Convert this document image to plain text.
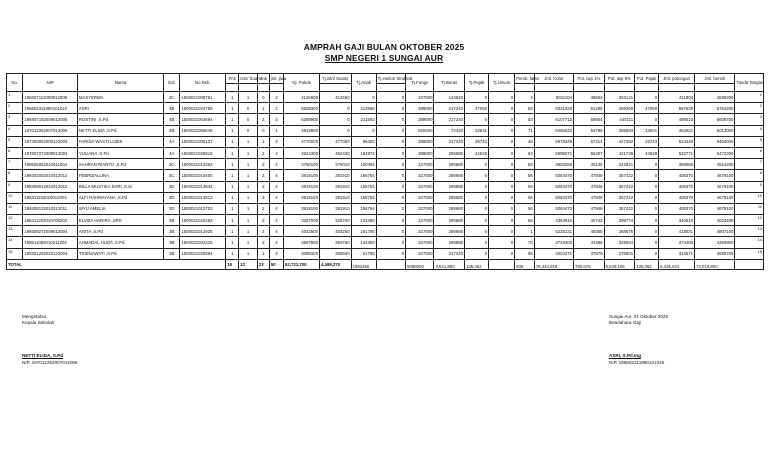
AMPRAH GAJI BULAN OKTOBER 2025
SMP NEGERI 1 SUNGAI AUR
No.	NIP	Nama	Gol.	No.Rek.	Pns	Istri/ Suami	Ank	jml. jiwa	Gj. Pokok	Tj.istri/ Suami	Tj.Anak	Tj.eselon Struktral	Tj.Fungs	Tj.Beras	Tj.Pajak	Tj.Umum	Pemb. latan	Jml. Kotor	Pot. Iwp 1%	Pot. Iwp 8%	Pot. Pajak	Jml. potongan	Jml. bersih	Tanda Tangan

1	196607112008012008	MASYERMA	3C	1500021009761	1	1	0	2	4126600	412660	0	0	327000	144840	0	0	4	5011104	48663	363141	0	411804	4599300	1
2	196602311990101010	ASRI	4B	1500021024758	1	0	1	2	5628300	0	112566	0	389000	217240	47060	0	62	6321828	61299	459269	47060	567628	5754200	2
3	196907152009012005	ROSTINI ,S.Pd	4B	1500021002694	1	0	2	3	5288900	0	211592	0	389000	217240	0	0	63	6107715	58904	440111	0	499015	5608700	3
4	197012252007012006	NETTI ELIDA ,S.Pd	4B	1500021006648	1	0	0	1	4819900	0	0	0	560000	72420	13631	0	71	5466022	53799	385593	13631	453022	5013000	4
5	197403052000122003	FARIDA WASTI LUBIS	4A	1500021005127	1	1	1	3	4770000	477000	95400	0	389000	217240	29743	0	46	5978449	57314	427392	29743	514449	5464000	5
6	197607072008012004	YULIANA ,S.Pd	4A	1500021025916	1	1	2	4	4624300	462430	184972	0	389000	289680	44628	0	63	5995071	56407	421736	44628	522771	5472300	6
7	198505052010011004	SAHRAN RIANTO ,S.Pd	3C	1500021013262	1	1	2	4	3760100	376010	150404	0	327000	289680	0	0	62	4903256	46135	342921	0	389056	4514200	7
8	198302062010012012	FEBRIZALLINA	3C	1500021015400	1	1	2	4	3919100	391910	156764	0	327000	289680	0	0	56	5084470	47948	357422	0	405370	4679100	8
9	198308012010012012	BILLA MUSTIKA SARI ,S.Si	3D	1500021013842	1	1	2	4	3919100	391910	156764	0	327000	289680	0	0	56	5084470	47948	357422	0	405370	4679100	9
10	198311152010012004	ALFI RAHMAYANA ,S.Pd	3D	1500021013813	1	1	2	4	3919100	391910	156764	0	327000	289680	0	0	56	5084470	47948	357422	0	405370	4679100	10
11	198408132010012011	WYU AMELIA	3D	1500021013703	1	1	2	4	3919100	391910	156764	0	327000	289680	0	0	56	5084470	47948	357422	0	405370	4679100	11
12	198411202010708203	ELVIZA HARIRA ,SPD	3B	1500021020292	1	1	2	4	3287000	328700	131480	0	327000	289680	0	0	56	4363916	40742	299774	0	340516	4023400	12
13	198509272009012004	ANITA ,S.Pd	3B	1500021012925	1	1	2	4	4042500	404250	161700	0	327000	289680	0	0	1	5225131	49355	368676	0	418031	4807100	13
14	198611082010211202	AHMADAL HUDA ,S.Pd	3B	1500021002315	1	1	2	4	3607500	360750	144300	0	327000	289680	0	0	70	4729300	44396	329004	0	373400	4355900	14
15	199301292020122004	TRISNAWATI ,S.Pd	3B	1500021020994	1	1	1	3	3089300	308930	61786	0	327000	217240	0	0	95	4004371	37870	276801	0	314671	3689700	15
TOTAL					15	12	23	50	62,721,700	4,499,370	1881256		5088000	3,621,880	135,062		835	78,444,918	786,676	5,549,105	135,062	6,426,031	72,018,800	
Mengetahui,
Kepala Sekolah
NETTI ELIDA, S.Pd
NIP. 197012252007012006
Sungai Aur, 01 Oktober 2025
Bendahara Gaji
ASRI, S.Pd.Ing
NIP. 196602311990101045
